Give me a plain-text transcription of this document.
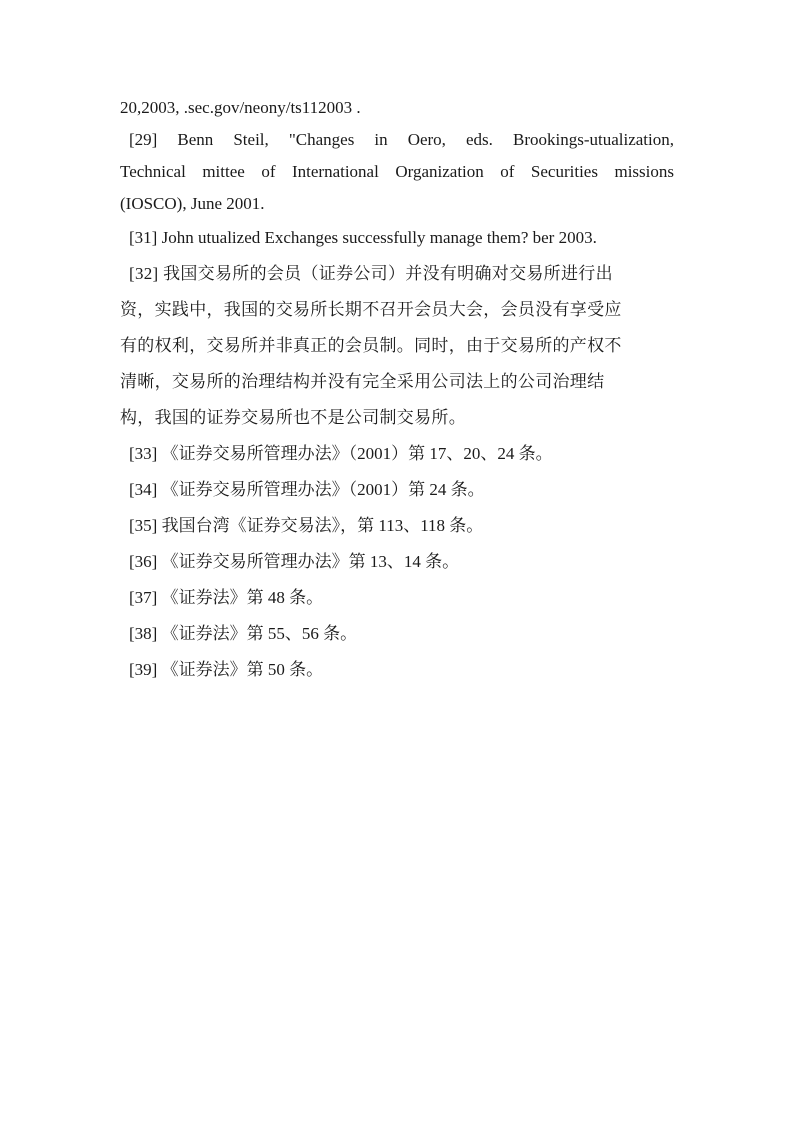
20,2003, .sec.gov/neony/ts112003 .

[29] Benn Steil, "Changes in Oero, eds. Brookings-utualization,

Technical mittee of International Organization of Securities missions

(IOSCO), June 2001.

[31] John utualized Exchanges successfully manage them? ber 2003.

[32] 我国交易所的会员（证券公司）并没有明确对交易所进行出

资，实践中，我国的交易所长期不召开会员大会，会员没有享受应

有的权利，交易所并非真正的会员制。同时，由于交易所的产权不

清晰，交易所的治理结构并没有完全采用公司法上的公司治理结

构，我国的证券交易所也不是公司制交易所。

[33] 《证券交易所管理办法》（2001）第 17、20、24 条。

[34] 《证券交易所管理办法》（2001）第 24 条。

[35] 我国台湾《证券交易法》，第 113、118 条。

[36] 《证券交易所管理办法》第 13、14 条。

[37] 《证券法》第 48 条。

[38] 《证券法》第 55、56 条。

[39] 《证券法》第 50 条。
